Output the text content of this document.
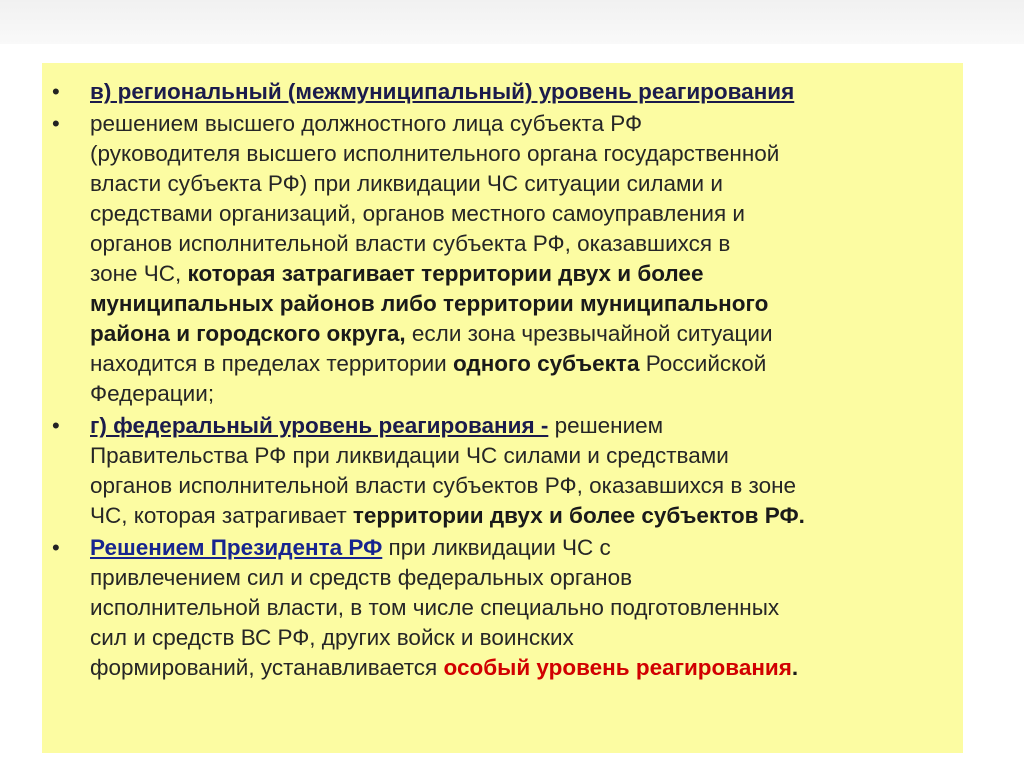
• в) региональный (межмуниципальный) уровень реагирования
• решением высшего должностного лица субъекта РФ
(руководителя высшего исполнительного органа государственной
власти субъекта РФ) при ликвидации ЧС ситуации силами и
средствами организаций, органов местного самоуправления и
органов исполнительной власти субъекта РФ, оказавшихся в
зоне ЧС, которая затрагивает территории двух и более
муниципальных районов либо территории муниципального
района и городского округа, если зона чрезвычайной ситуации
находится в пределах территории одного субъекта Российской
Федерации;
• г) федеральный уровень реагирования - решением
Правительства РФ при ликвидации ЧС силами и средствами
органов исполнительной власти субъектов РФ, оказавшихся в зоне
ЧС, которая затрагивает территории двух и более субъектов РФ.
• Решением Президента РФ при ликвидации ЧС с
привлечением сил и средств федеральных органов
исполнительной власти, в том числе специально подготовленных
сил и средств ВС РФ, других войск и воинских
формирований, устанавливается особый уровень реагирования.
